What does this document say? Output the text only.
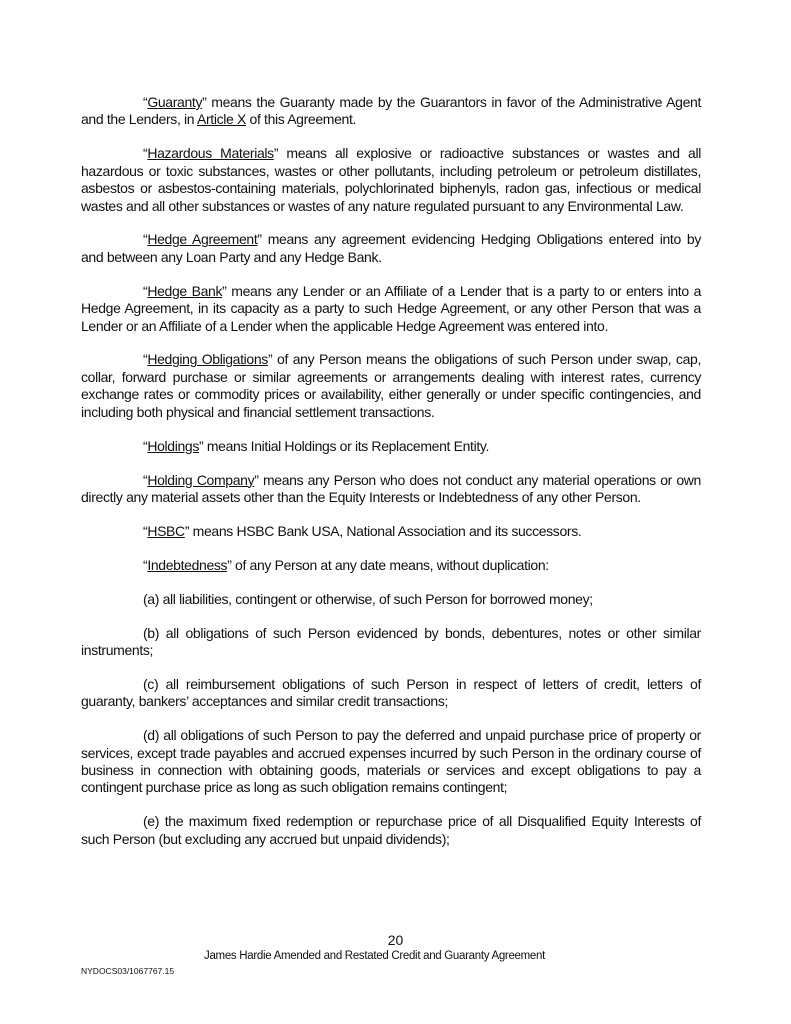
“Guaranty” means the Guaranty made by the Guarantors in favor of the Administrative Agent and the Lenders, in Article X of this Agreement.

“Hazardous Materials” means all explosive or radioactive substances or wastes and all hazardous or toxic substances, wastes or other pollutants, including petroleum or petroleum distillates, asbestos or asbestos-containing materials, polychlorinated biphenyls, radon gas, infectious or medical wastes and all other substances or wastes of any nature regulated pursuant to any Environmental Law.

“Hedge Agreement” means any agreement evidencing Hedging Obligations entered into by and between any Loan Party and any Hedge Bank.

“Hedge Bank” means any Lender or an Affiliate of a Lender that is a party to or enters into a Hedge Agreement, in its capacity as a party to such Hedge Agreement, or any other Person that was a Lender or an Affiliate of a Lender when the applicable Hedge Agreement was entered into.

“Hedging Obligations” of any Person means the obligations of such Person under swap, cap, collar, forward purchase or similar agreements or arrangements dealing with interest rates, currency exchange rates or commodity prices or availability, either generally or under specific contingencies, and including both physical and financial settlement transactions.

“Holdings” means Initial Holdings or its Replacement Entity.

“Holding Company” means any Person who does not conduct any material operations or own directly any material assets other than the Equity Interests or Indebtedness of any other Person.

“HSBC” means HSBC Bank USA, National Association and its successors.

“Indebtedness” of any Person at any date means, without duplication:

(a) all liabilities, contingent or otherwise, of such Person for borrowed money;

(b) all obligations of such Person evidenced by bonds, debentures, notes or other similar instruments;

(c) all reimbursement obligations of such Person in respect of letters of credit, letters of guaranty, bankers’ acceptances and similar credit transactions;

(d) all obligations of such Person to pay the deferred and unpaid purchase price of property or services, except trade payables and accrued expenses incurred by such Person in the ordinary course of business in connection with obtaining goods, materials or services and except obligations to pay a contingent purchase price as long as such obligation remains contingent;

(e) the maximum fixed redemption or repurchase price of all Disqualified Equity Interests of such Person (but excluding any accrued but unpaid dividends);

20
James Hardie Amended and Restated Credit and Guaranty Agreement
NYDOCS03/1067767.15
